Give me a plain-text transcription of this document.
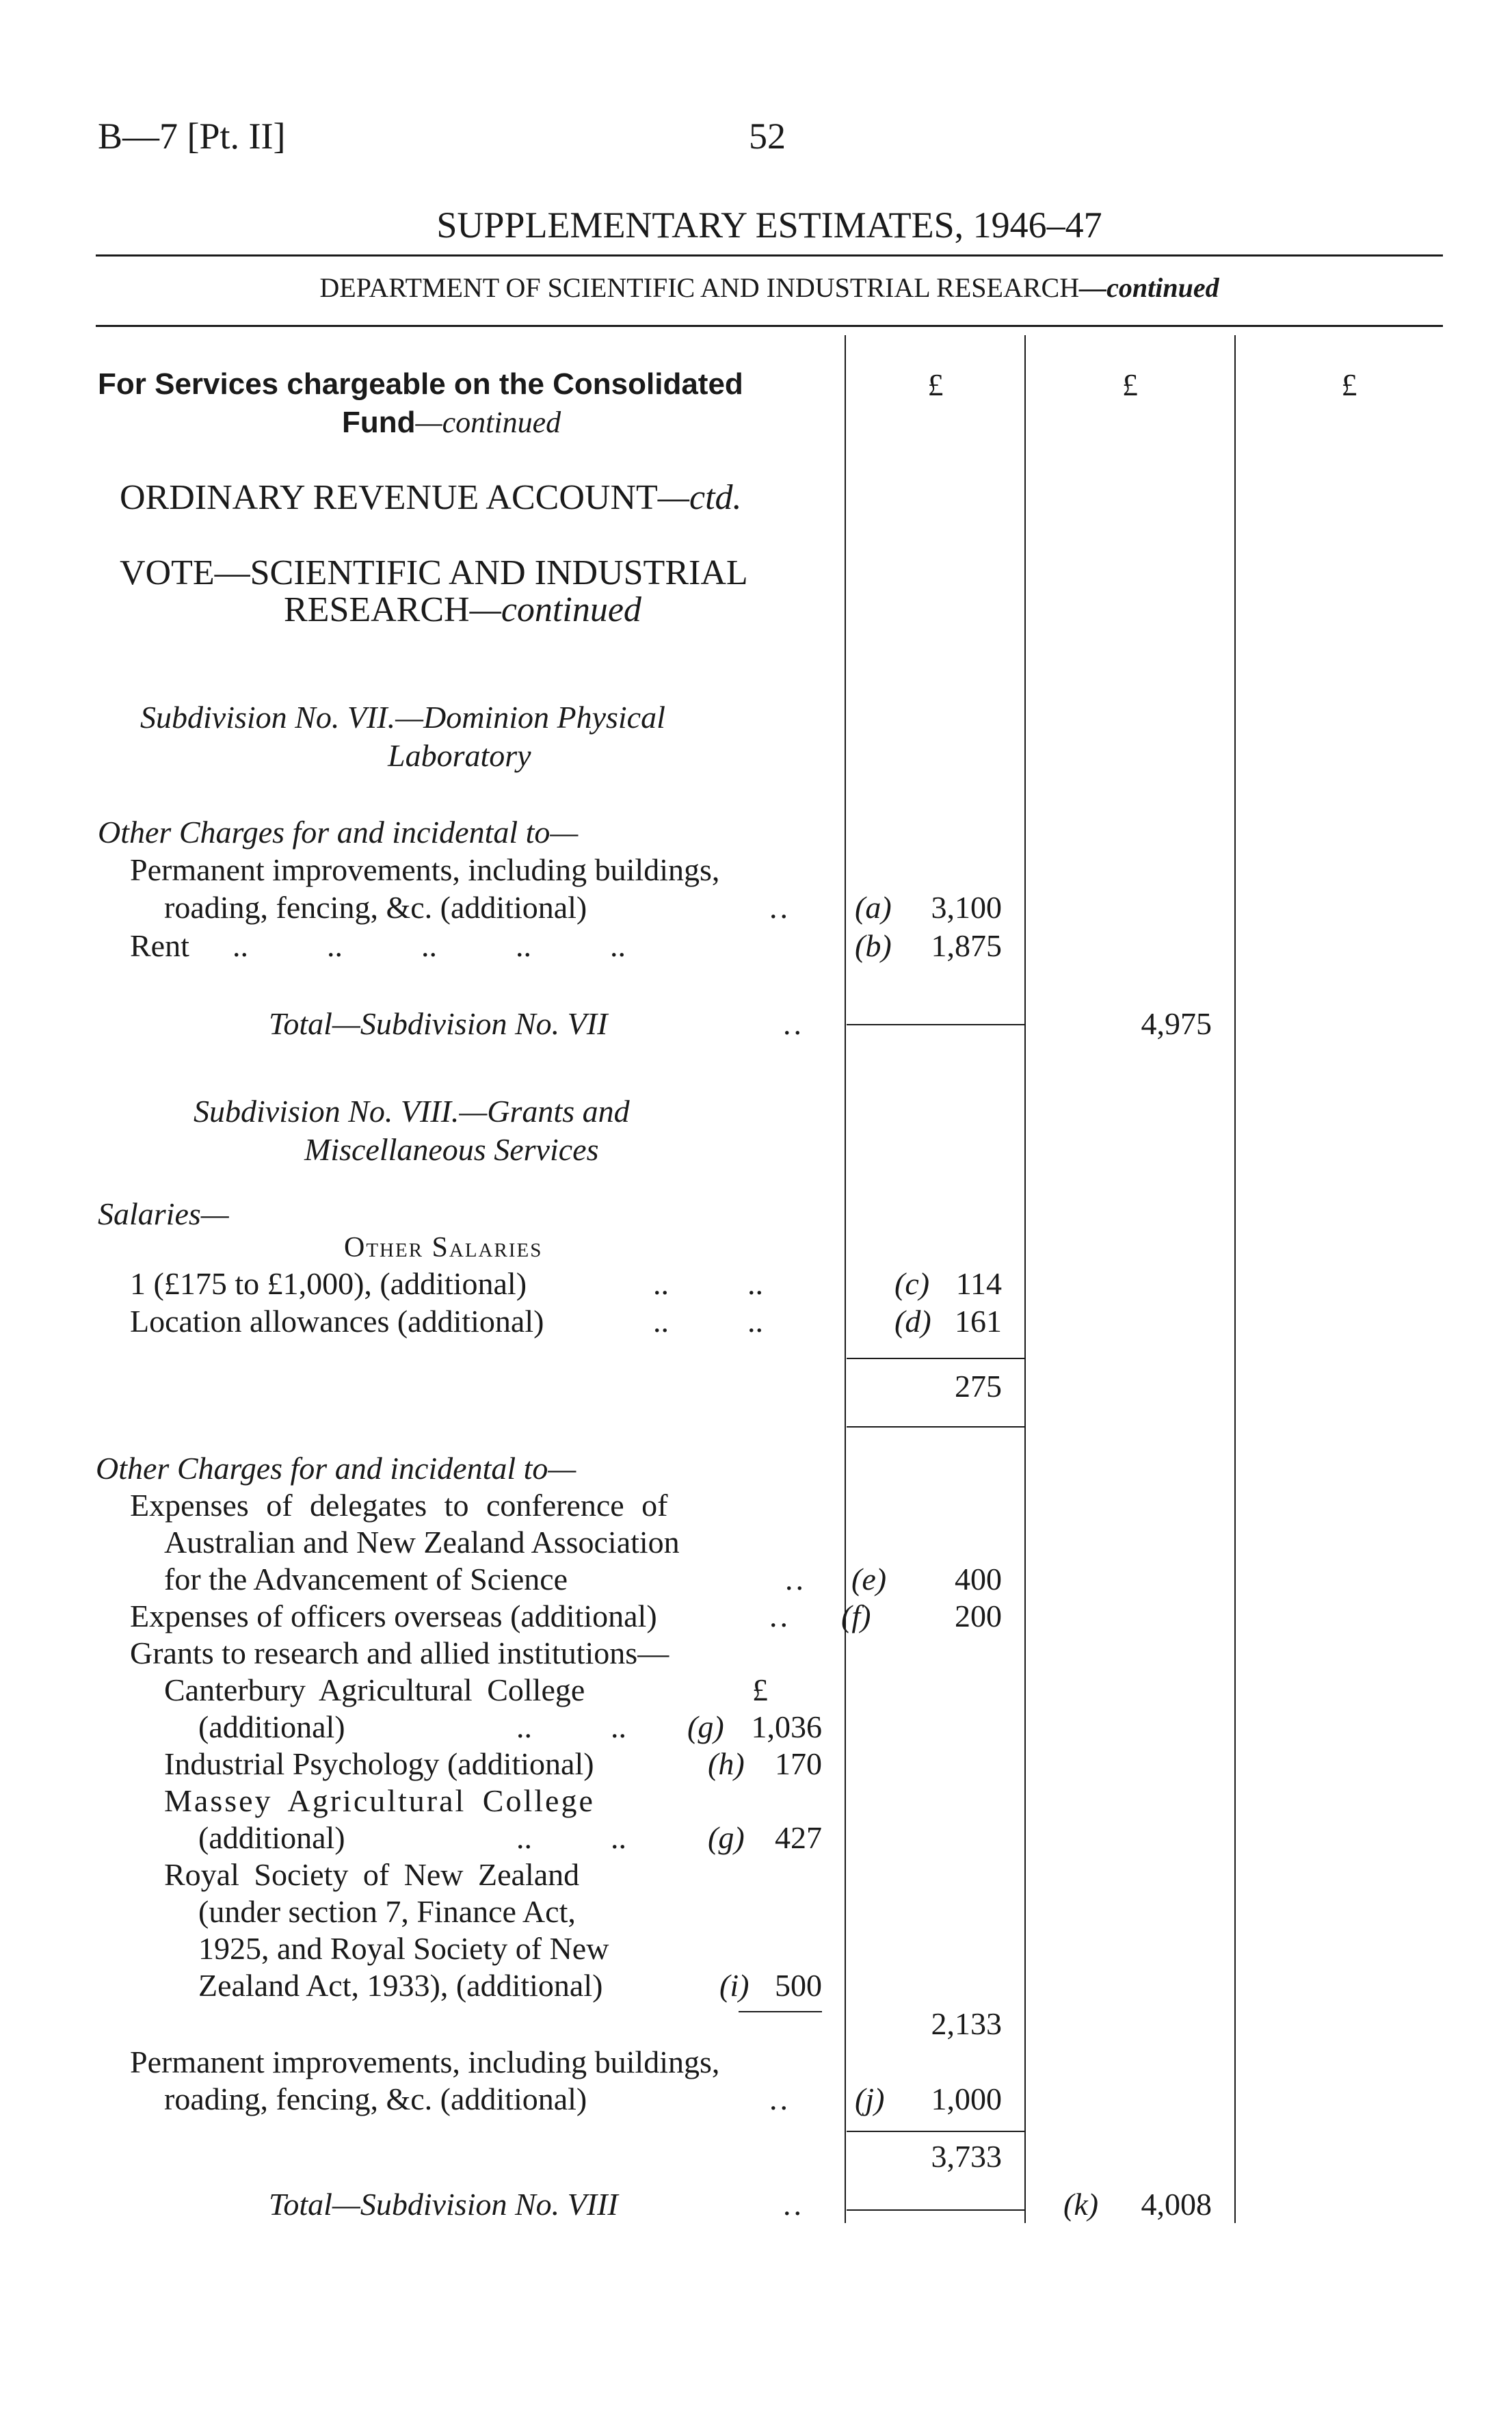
B—7 [Pt. II]	52
SUPPLEMENTARY ESTIMATES, 1946–47
DEPARTMENT OF SCIENTIFIC AND INDUSTRIAL RESEARCH—continued
£	£	£
For Services chargeable on the Consolidated
Fund—continued
ORDINARY REVENUE ACCOUNT—ctd.
VOTE—SCIENTIFIC AND INDUSTRIAL
RESEARCH—continued
Subdivision No. VII.—Dominion Physical
Laboratory
Other Charges for and incidental to—
Permanent improvements, including buildings,
roading, fencing, &c. (additional)	.. (a)	3,100
Rent ..          ..          ..          ..          ..	(b)	1,875
Total—Subdivision No. VII	..	4,975
Subdivision No. VIII.—Grants and
Miscellaneous Services
Salaries—
Other Salaries
1 (£175 to £1,000), (additional)	..          ..	(c) 114
Location allowances (additional)	..          ..	(d) 161
275
Other Charges for and incidental to—
Expenses of delegates to conference of
Australian and New Zealand Association
for the Advancement of Science	.. (e)	400
Expenses of officers overseas (additional)	.. (f)	200
Grants to research and allied institutions—
Canterbury Agricultural College	£
(additional)	..          .. (g) 1,036
Industrial Psychology (additional)	(h) 170
Massey Agricultural College
(additional)	..          ..	(g) 427
Royal Society of New Zealand
(under section 7, Finance Act,
1925, and Royal Society of New
Zealand Act, 1933), (additional)	(i) 500
2,133
Permanent improvements, including buildings,
roading, fencing, &c. (additional)	.. (j)	1,000
3,733
Total—Subdivision No. VIII	..	(k)	4,008
